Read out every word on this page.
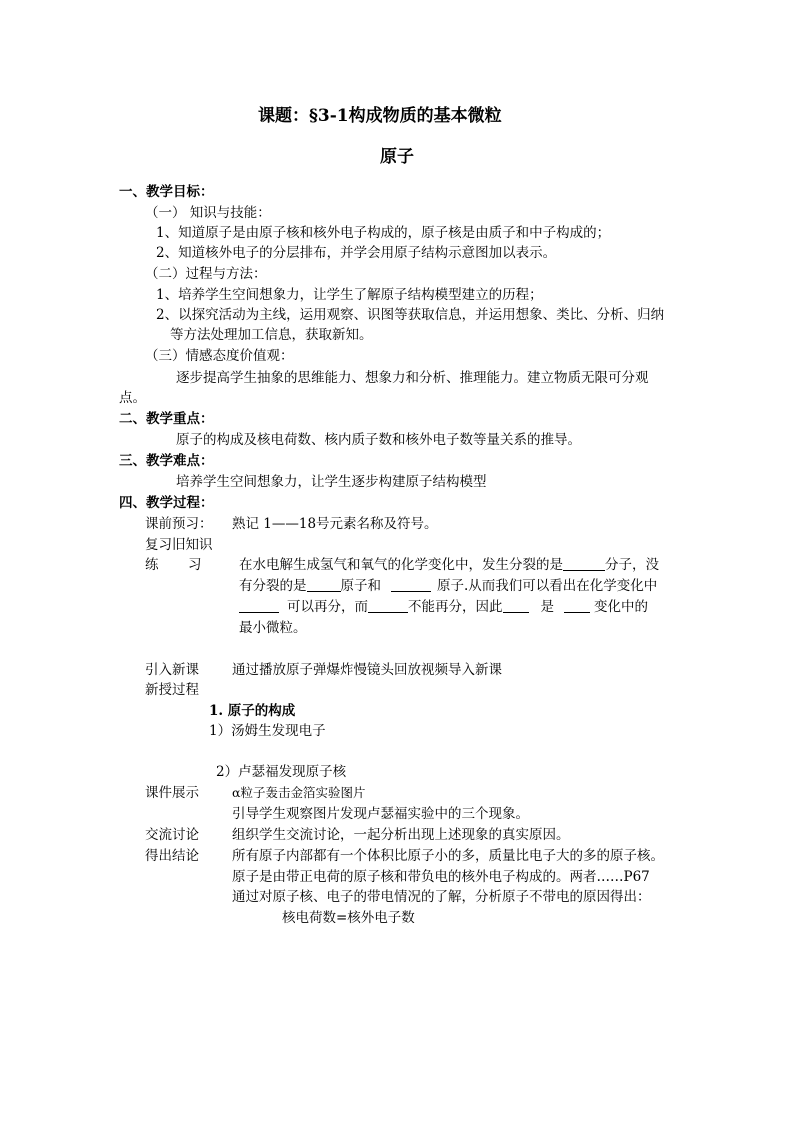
课题：§3-1构成物质的基本微粒
原子
一、教学目标：
（一） 知识与技能：
1、知道原子是由原子核和核外电子构成的，原子核是由质子和中子构成的；
2、知道核外电子的分层排布，并学会用原子结构示意图加以表示。
（二）过程与方法：
1、培养学生空间想象力，让学生了解原子结构模型建立的历程；
2、以探究活动为主线，运用观察、识图等获取信息，并运用想象、类比、分析、归纳
等方法处理加工信息，获取新知。
（三）情感态度价值观：
逐步提高学生抽象的思维能力、想象力和分析、推理能力。建立物质无限可分观
点。
二、教学重点：
原子的构成及核电荷数、核内质子数和核外电子数等量关系的推导。
三、教学难点：
培养学生空间想象力，让学生逐步构建原子结构模型
四、教学过程：
课前预习： 熟记 1——18号元素名称及符号。
复习旧知识
练 习	在水电解生成氢气和氧气的化学变化中，发生分裂的是	分子，没
有分裂的是	原子和	原子.从而我们可以看出在化学变化中
可以再分，而	不能再分，因此	是	变化中的
最小微粒。
引入新课 通过播放原子弹爆炸慢镜头回放视频导入新课
新授过程
1. 原子的构成
1）汤姆生发现电子
2）卢瑟福发现原子核
课件展示	α粒子轰击金箔实验图片
引导学生观察图片发现卢瑟福实验中的三个现象。
交流讨论 组织学生交流讨论，一起分析出现上述现象的真实原因。
得出结论 所有原子内部都有一个体积比原子小的多，质量比电子大的多的原子核。
原子是由带正电荷的原子核和带负电的核外电子构成的。两者……P67
通过对原子核、电子的带电情况的了解，分析原子不带电的原因得出：
核电荷数=核外电子数
